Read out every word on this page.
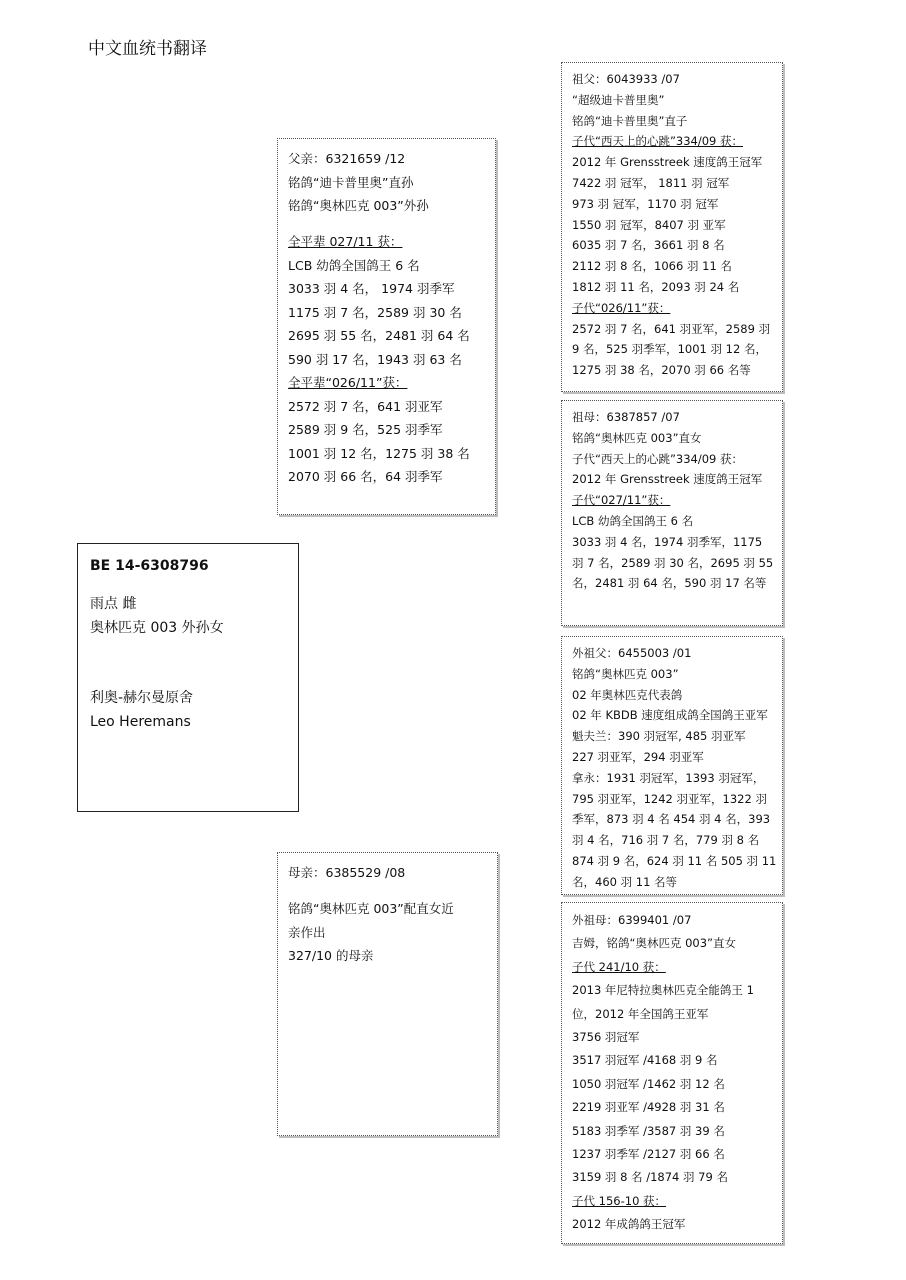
中文血统书翻译
BE 14-6308796
雨点 雌
奥林匹克 003 外孙女
利奥-赫尔曼原舍
Leo Heremans
父亲：6321659 /12
铭鸽“迪卡普里奥”直孙
铭鸽“奥林匹克 003”外孙
全平辈 027/11 获：
LCB 幼鸽全国鸽王 6 名
3033 羽 4 名， 1974 羽季军
1175 羽 7 名，2589 羽 30 名
2695 羽 55 名，2481 羽 64 名
590 羽 17 名，1943 羽 63 名
全平辈“026/11”获：
2572 羽 7 名，641 羽亚军
2589 羽 9 名，525 羽季军
1001 羽 12 名，1275 羽 38 名
2070 羽 66 名，64 羽季军
母亲：6385529 /08
铭鸽“奥林匹克 003”配直女近
亲作出
327/10 的母亲
祖父：6043933 /07
“超级迪卡普里奥”
铭鸽“迪卡普里奥”直子
子代“西天上的心跳”334/09 获：
2012 年 Grensstreek 速度鸽王冠军
7422 羽 冠军， 1811 羽 冠军
973 羽 冠军，1170 羽 冠军
1550 羽 冠军，8407 羽 亚军
6035 羽 7 名，3661 羽 8 名
2112 羽 8 名，1066 羽 11 名
1812 羽 11 名，2093 羽 24 名
子代“026/11”获：
2572 羽 7 名，641 羽亚军，2589 羽
9 名，525 羽季军，1001 羽 12 名，
1275 羽 38 名，2070 羽 66 名等
祖母：6387857 /07
铭鸽“奥林匹克 003”直女
子代“西天上的心跳”334/09 获：
2012 年 Grensstreek 速度鸽王冠军
子代“027/11”获：
LCB 幼鸽全国鸽王 6 名
3033 羽 4 名，1974 羽季军，1175
羽 7 名，2589 羽 30 名，2695 羽 55
名，2481 羽 64 名，590 羽 17 名等
外祖父：6455003 /01
铭鸽“奥林匹克 003”
02 年奥林匹克代表鸽
02 年 KBDB 速度组成鸽全国鸽王亚军
魁夫兰：390 羽冠军, 485 羽亚军
227 羽亚军，294 羽亚军
拿永：1931 羽冠军，1393 羽冠军，
795 羽亚军，1242 羽亚军，1322 羽
季军，873 羽 4 名 454 羽 4 名，393
羽 4 名，716 羽 7 名，779 羽 8 名
874 羽 9 名，624 羽 11 名 505 羽 11
名，460 羽 11 名等
外祖母：6399401 /07
吉姆，铭鸽“奥林匹克 003”直女
子代 241/10 获：
2013 年尼特拉奥林匹克全能鸽王 1
位，2012 年全国鸽王亚军
3756 羽冠军
3517 羽冠军 /4168 羽 9 名
1050 羽冠军 /1462 羽 12 名
2219 羽亚军 /4928 羽 31 名
5183 羽季军 /3587 羽 39 名
1237 羽季军 /2127 羽 66 名
3159 羽 8 名 /1874 羽 79 名
子代 156-10 获：
2012 年成鸽鸽王冠军
